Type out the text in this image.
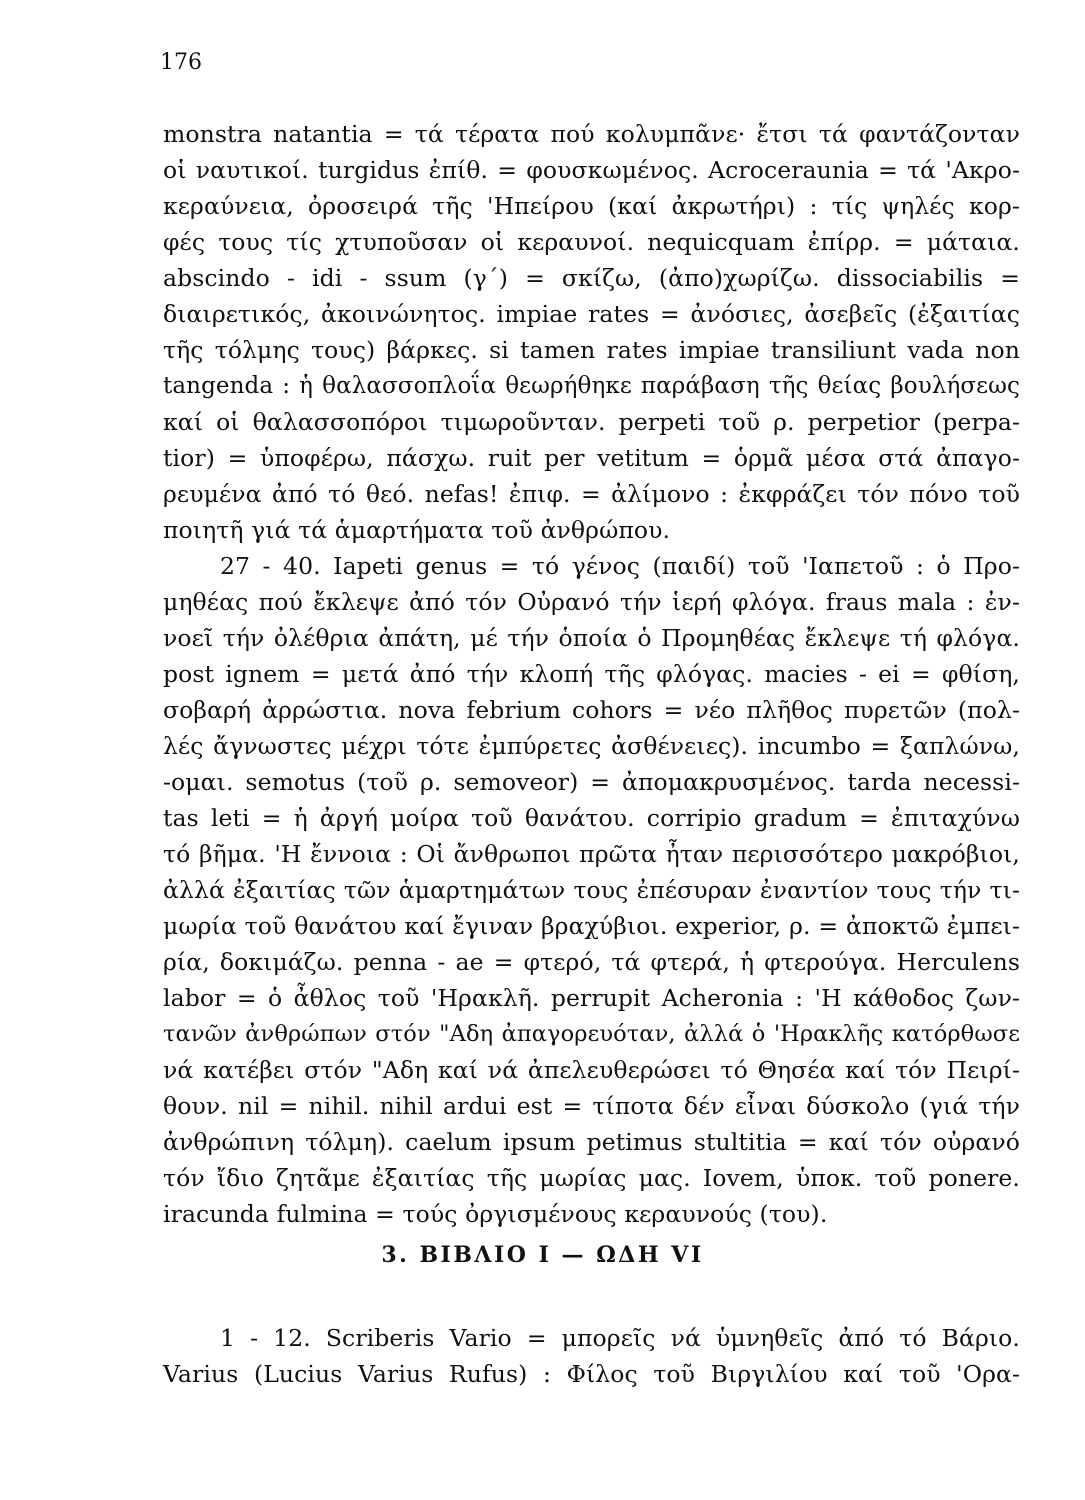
176
monstra natantia = τά τέρατα πού κολυμπᾶνε· ἔτσι τά φαντάζονταν
οἱ ναυτικοί. turgidus ἐπίθ. = φουσκωμένος. Acroceraunia = τά 'Ακρο-
κεραύνεια, ὀροσειρά τῆς 'Ηπείρου (καί ἀκρωτήρι) : τίς ψηλές κορ-
φές τους τίς χτυποῦσαν οἱ κεραυνοί. nequicquam ἐπίρρ. = μάταια.
abscindo - idi - ssum (γ΄) = σκίζω, (ἀπο)χωρίζω. dissociabilis =
διαιρετικός, ἀκοινώνητος. impiae rates = ἀνόσιες, ἀσεβεῖς (ἐξαιτίας
τῆς τόλμης τους) βάρκες. si tamen rates impiae transiliunt vada non
tangenda : ἡ θαλασσοπλοΐα θεωρήθηκε παράβαση τῆς θείας βουλήσεως
καί οἱ θαλασσοπόροι τιμωροῦνταν. perpeti τοῦ ρ. perpetior (perpa-
tior) = ὑποφέρω, πάσχω. ruit per vetitum = ὁρμᾶ μέσα στά ἀπαγο-
ρευμένα ἀπό τό θεό. nefas! ἐπιφ. = ἀλίμονο : ἐκφράζει τόν πόνο τοῦ
ποιητῆ γιά τά ἁμαρτήματα τοῦ ἀνθρώπου.
27 - 40. Iapeti genus = τό γένος (παιδί) τοῦ 'Ιαπετοῦ : ὁ Προ-
μηθέας πού ἔκλεψε ἀπό τόν Οὐρανό τήν ἱερή φλόγα. fraus mala : ἐν-
νοεῖ τήν ὀλέθρια ἀπάτη, μέ τήν ὁποία ὁ Προμηθέας ἔκλεψε τή φλόγα.
post ignem = μετά ἀπό τήν κλοπή τῆς φλόγας. macies - ei = φθίση,
σοβαρή ἀρρώστια. nova febrium cohors = νέο πλῆθος πυρετῶν (πολ-
λές ἄγνωστες μέχρι τότε ἐμπύρετες ἀσθένειες). incumbo = ξαπλώνω,
-ομαι. semotus (τοῦ ρ. semoveor) = ἀπομακρυσμένος. tarda necessi-
tas leti = ἡ ἀργή μοίρα τοῦ θανάτου. corripio gradum = ἐπιταχύνω
τό βῆμα. 'Η ἔννοια : Οἱ ἄνθρωποι πρῶτα ἦταν περισσότερο μακρόβιοι,
ἀλλά ἐξαιτίας τῶν ἁμαρτημάτων τους ἐπέσυραν ἐναντίον τους τήν τι-
μωρία τοῦ θανάτου καί ἔγιναν βραχύβιοι. experior, ρ. = ἀποκτῶ ἐμπει-
ρία, δοκιμάζω. penna - ae = φτερό, τά φτερά, ἡ φτερούγα. Herculens
labor = ὁ ἆθλος τοῦ 'Ηρακλῆ. perrupit Acheronia : 'Η κάθοδος ζων-
τανῶν ἀνθρώπων στόν "Αδη ἀπαγορευόταν, ἀλλά ὁ 'Ηρακλῆς κατόρθωσε
νά κατέβει στόν "Αδη καί νά ἀπελευθερώσει τό Θησέα καί τόν Πειρί-
θουν. nil = nihil. nihil ardui est = τίποτα δέν εἶναι δύσκολο (γιά τήν
ἀνθρώπινη τόλμη). caelum ipsum petimus stultitia = καί τόν οὐρανό
τόν ἴδιο ζητᾶμε ἐξαιτίας τῆς μωρίας μας. Iovem, ὑποκ. τοῦ ponere.
iracunda fulmina = τούς ὀργισμένους κεραυνούς (του).
3. ΒΙΒΛΙΟ Ι — ΩΔΗ VI
1 - 12. Scriberis Vario = μπορεῖς νά ὑμνηθεῖς ἀπό τό Βάριο.
Varius (Lucius Varius Rufus) : Φίλος τοῦ Βιργιλίου καί τοῦ 'Ορα-
